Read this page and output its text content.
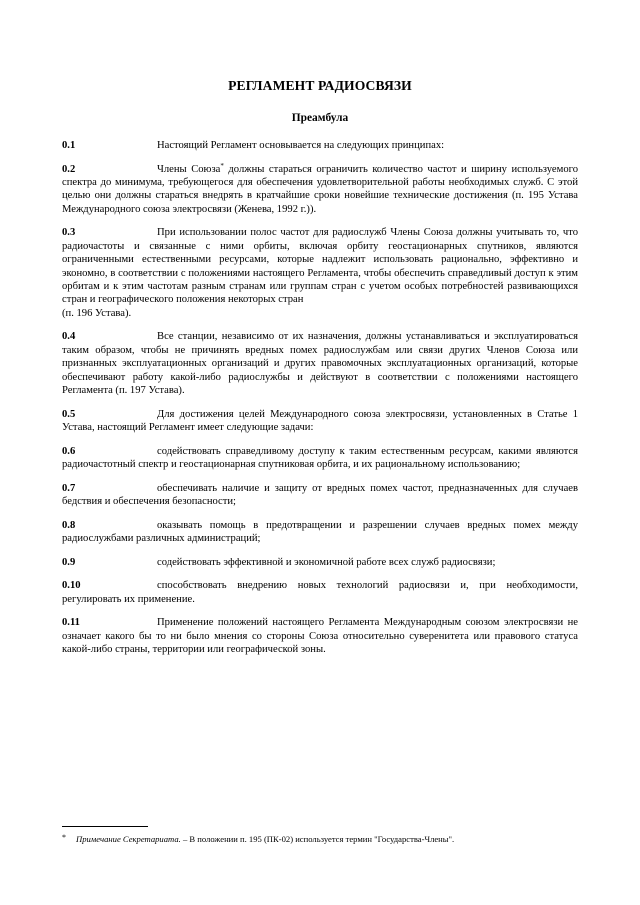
РЕГЛАМЕНТ РАДИОСВЯЗИ
Преамбула

0.1	Настоящий Регламент основывается на следующих принципах:

0.2	Члены Союза* должны стараться ограничить количество частот и ширину используемого спектра до минимума, требующегося для обеспечения удовлетворительной работы необходимых служб. С этой целью они должны стараться внедрять в кратчайшие сроки новейшие технические достижения (п. 195 Устава Международного союза электросвязи (Женева, 1992 г.)).

0.3	При использовании полос частот для радиослужб Члены Союза должны учитывать то, что радиочастоты и связанные с ними орбиты, включая орбиту геостационарных спутников, являются ограниченными естественными ресурсами, которые надлежит использовать рационально, эффективно и экономно, в соответствии с положениями настоящего Регламента, чтобы обеспечить справедливый доступ к этим орбитам и к этим частотам разным странам или группам стран с учетом особых потребностей развивающихся стран и географического положения некоторых стран
(п. 196 Устава).

0.4	Все станции, независимо от их назначения, должны устанавливаться и эксплуатироваться таким образом, чтобы не причинять вредных помех радиослужбам или связи других Членов Союза или признанных эксплуатационных организаций и других правомочных эксплуатационных организаций, которые обеспечивают работу какой-либо радиослужбы и действуют в соответствии с положениями настоящего Регламента (п. 197 Устава).

0.5	Для достижения целей Международного союза электросвязи, установленных в Статье 1 Устава, настоящий Регламент имеет следующие задачи:

0.6	содействовать справедливому доступу к таким естественным ресурсам, какими являются радиочастотный спектр и геостационарная спутниковая орбита, и их рациональному использованию;

0.7	обеспечивать наличие и защиту от вредных помех частот, предназначенных для случаев бедствия и обеспечения безопасности;

0.8	оказывать помощь в предотвращении и разрешении случаев вредных помех между радиослужбами различных администраций;

0.9	содействовать эффективной и экономичной работе всех служб радиосвязи;

0.10	способствовать внедрению новых технологий радиосвязи и, при необходимости, регулировать их применение.

0.11	Применение положений настоящего Регламента Международным союзом электросвязи не означает какого бы то ни было мнения со стороны Союза относительно суверенитета или правового статуса какой-либо страны, территории или географической зоны.

* Примечание Секретариата. – В положении п. 195 (ПК-02) используется термин "Государства-Члены".
